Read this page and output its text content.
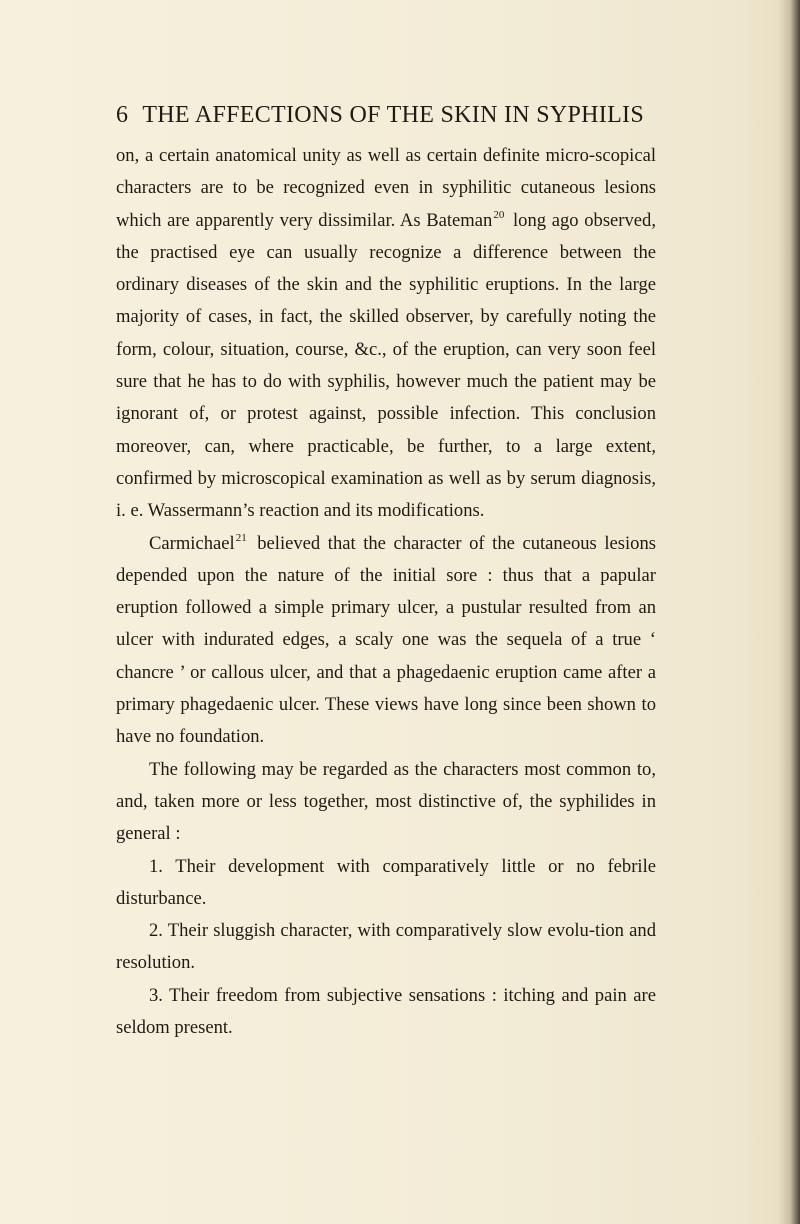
6 THE AFFECTIONS OF THE SKIN IN SYPHILIS

on, a certain anatomical unity as well as certain definite micro-scopical characters are to be recognized even in syphilitic cutaneous lesions which are apparently very dissimilar. As Bateman$^{20}$ long ago observed, the practised eye can usually recognize a difference between the ordinary diseases of the skin and the syphilitic eruptions. In the large majority of cases, in fact, the skilled observer, by carefully noting the form, colour, situation, course, &c., of the eruption, can very soon feel sure that he has to do with syphilis, however much the patient may be ignorant of, or protest against, possible infection. This conclusion moreover, can, where practicable, be further, to a large extent, confirmed by microscopical examination as well as by serum diagnosis, i. e. Wassermann’s reaction and its modifications.

Carmichael$^{21}$ believed that the character of the cutaneous lesions depended upon the nature of the initial sore : thus that a papular eruption followed a simple primary ulcer, a pustular resulted from an ulcer with indurated edges, a scaly one was the sequela of a true ‘ chancre ’ or callous ulcer, and that a phagedaenic eruption came after a primary phagedaenic ulcer. These views have long since been shown to have no foundation.

The following may be regarded as the characters most common to, and, taken more or less together, most distinctive of, the syphilides in general :

1. Their development with comparatively little or no febrile disturbance.

2. Their sluggish character, with comparatively slow evolu-tion and resolution.

3. Their freedom from subjective sensations : itching and pain are seldom present.
